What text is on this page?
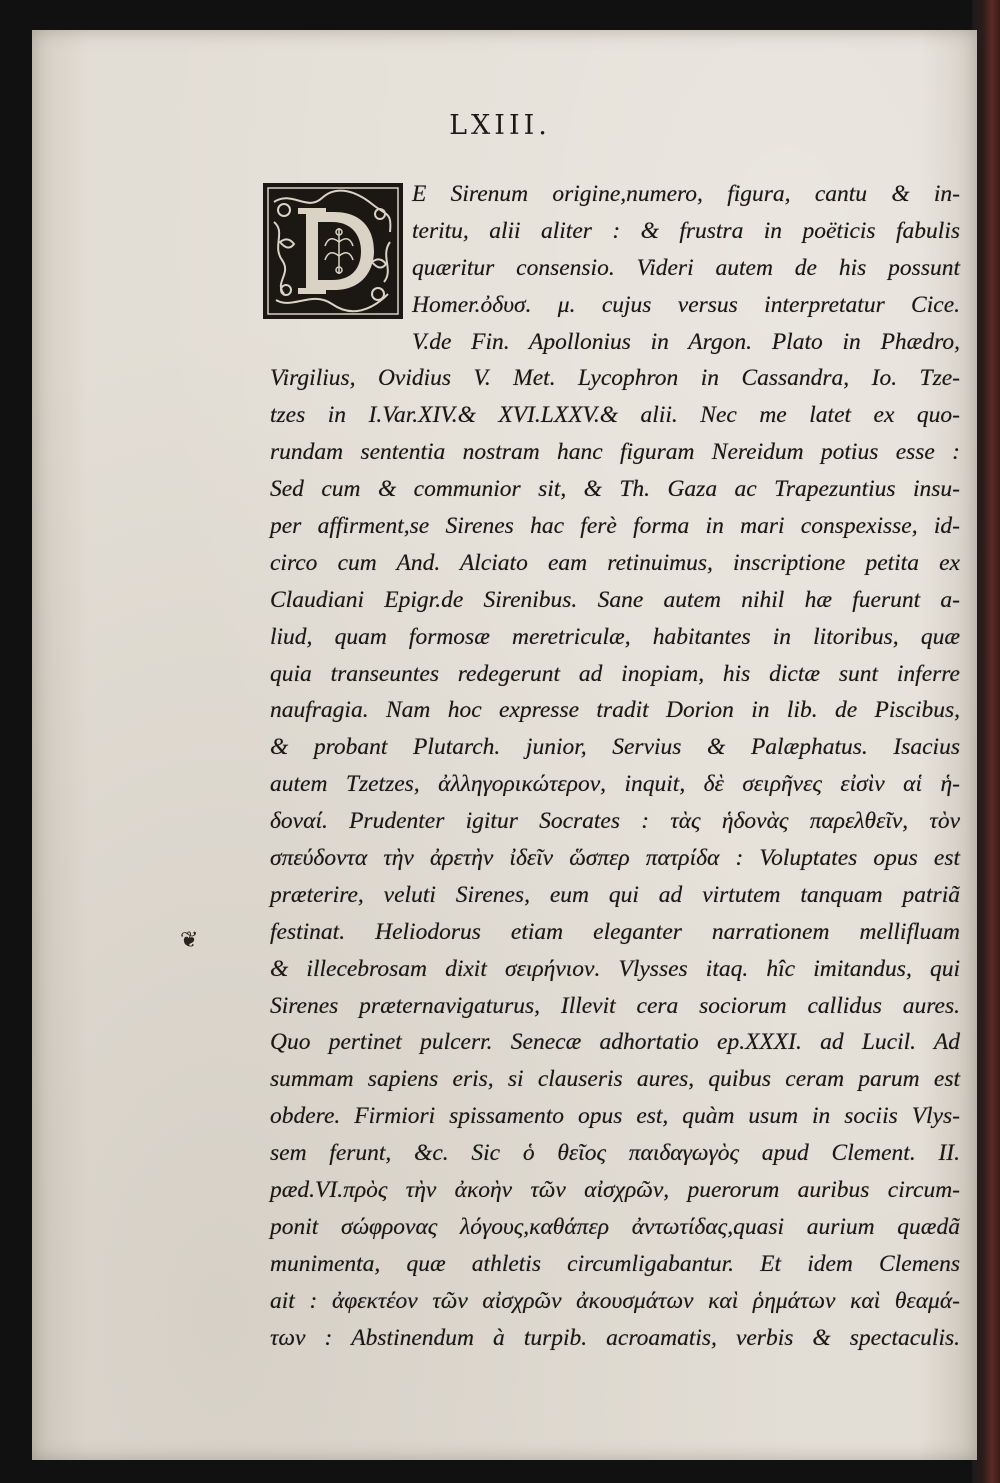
LXIII.
❦
E Sirenum origine,numero, figura, cantu & in-
teritu, alii aliter : & frustra in poëticis fabulis
quæritur consensio. Videri autem de his possunt
Homer.ὀδυσ. μ. cujus versus interpretatur Cice.
V.de Fin. Apollonius in Argon. Plato in Phædro,
Virgilius, Ovidius V. Met. Lycophron in Cassandra, Io. Tze-
tzes in I.Var.XIV.& XVI.LXXV.& alii. Nec me latet ex quo-
rundam sententia nostram hanc figuram Nereidum potius esse :
Sed cum & communior sit, & Th. Gaza ac Trapezuntius insu-
per affirment,se Sirenes hac ferè forma in mari conspexisse, id-
circo cum And. Alciato eam retinuimus, inscriptione petita ex
Claudiani Epigr.de Sirenibus. Sane autem nihil hæ fuerunt a-
liud, quam formosæ meretriculæ, habitantes in litoribus, quæ
quia transeuntes redegerunt ad inopiam, his dictæ sunt inferre
naufragia. Nam hoc expresse tradit Dorion in lib. de Piscibus,
& probant Plutarch. junior, Servius & Palæphatus. Isacius
autem Tzetzes, ἀλληγορικώτερον, inquit, δὲ σειρῆνες εἰσὶν αἱ ἡ-
δοναί. Prudenter igitur Socrates : τὰς ἡδονὰς παρελθεῖν, τὸν
σπεύδοντα τὴν ἀρετὴν ἰδεῖν ὥσπερ πατρίδα : Voluptates opus est
præterire, veluti Sirenes, eum qui ad virtutem tanquam patriã
festinat. Heliodorus etiam eleganter narrationem mellifluam
& illecebrosam dixit σειρήνιον. Vlysses itaq. hîc imitandus, qui
Sirenes præternavigaturus, Illevit cera sociorum callidus aures.
Quo pertinet pulcerr. Senecæ adhortatio ep.XXXI. ad Lucil. Ad
summam sapiens eris, si clauseris aures, quibus ceram parum est
obdere. Firmiori spissamento opus est, quàm usum in sociis Vlys-
sem ferunt, &c. Sic ὁ θεῖος παιδαγωγὸς apud Clement. II.
pæd.VI.πρὸς τὴν ἀκοὴν τῶν αἰσχρῶν, puerorum auribus circum-
ponit σώφρονας λόγους,καθάπερ ἀντωτίδας,quasi aurium quædã
munimenta, quæ athletis circumligabantur. Et idem Clemens
ait : ἀφεκτέον τῶν αἰσχρῶν ἀκουσμάτων καὶ ῥημάτων καὶ θεαμά-
των : Abstinendum à turpib. acroamatis, verbis & spectaculis.
